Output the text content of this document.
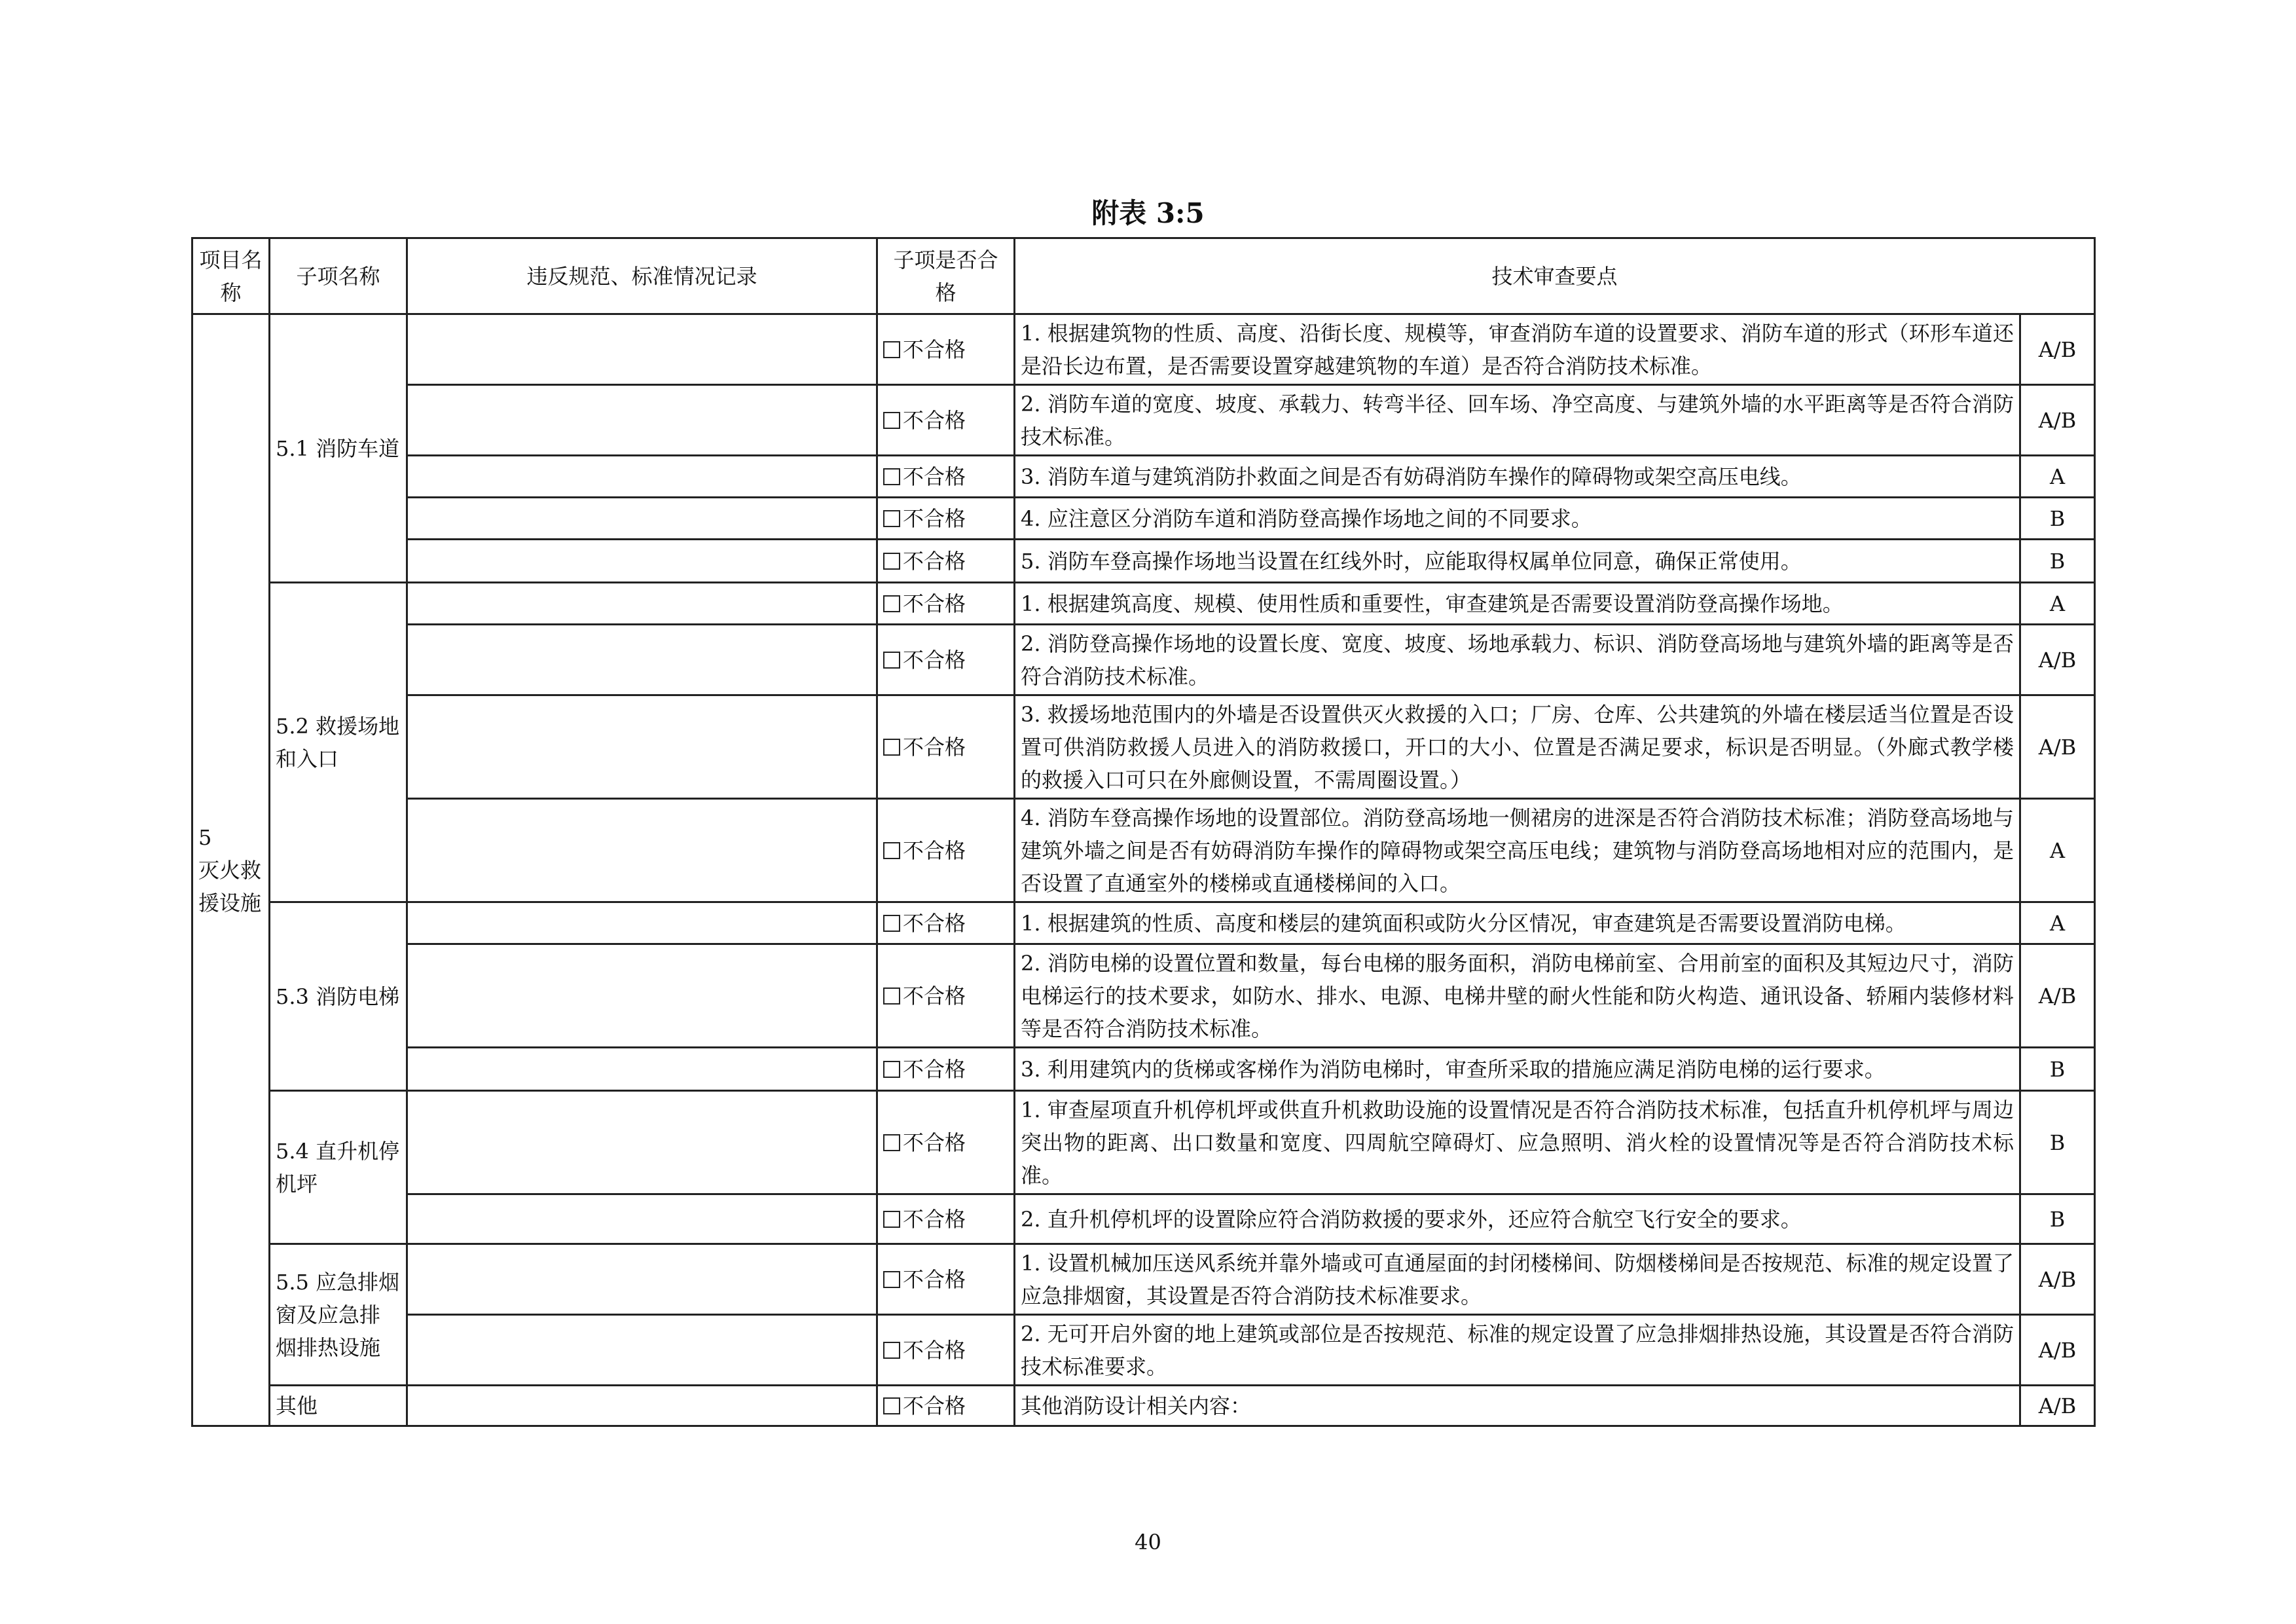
附表 3:5
项目名称	子项名称	违反规范、标准情况记录	子项是否合格	技术审查要点	

5
灭火救援设施	5.1 消防车道		不合格	1. 根据建筑物的性质、高度、沿街长度、规模等，审查消防车道的设置要求、消防车道的形式（环形车道还是沿长边布置，是否需要设置穿越建筑物的车道）是否符合消防技术标准。	A/B
			不合格	2. 消防车道的宽度、坡度、承载力、转弯半径、回车场、净空高度、与建筑外墙的水平距离等是否符合消防技术标准。	A/B
			不合格	3. 消防车道与建筑消防扑救面之间是否有妨碍消防车操作的障碍物或架空高压电线。	A
			不合格	4. 应注意区分消防车道和消防登高操作场地之间的不同要求。	B
			不合格	5. 消防车登高操作场地当设置在红线外时，应能取得权属单位同意，确保正常使用。	B
	5.2 救援场地和入口		不合格	1. 根据建筑高度、规模、使用性质和重要性，审查建筑是否需要设置消防登高操作场地。	A
			不合格	2. 消防登高操作场地的设置长度、宽度、坡度、场地承载力、标识、消防登高场地与建筑外墙的距离等是否符合消防技术标准。	A/B
			不合格	3. 救援场地范围内的外墙是否设置供灭火救援的入口；厂房、仓库、公共建筑的外墙在楼层适当位置是否设置可供消防救援人员进入的消防救援口，开口的大小、位置是否满足要求，标识是否明显。（外廊式教学楼的救援入口可只在外廊侧设置，不需周圈设置。）	A/B
			不合格	4. 消防车登高操作场地的设置部位。消防登高场地一侧裙房的进深是否符合消防技术标准；消防登高场地与建筑外墙之间是否有妨碍消防车操作的障碍物或架空高压电线；建筑物与消防登高场地相对应的范围内，是否设置了直通室外的楼梯或直通楼梯间的入口。	A
	5.3 消防电梯		不合格	1. 根据建筑的性质、高度和楼层的建筑面积或防火分区情况，审查建筑是否需要设置消防电梯。	A
			不合格	2. 消防电梯的设置位置和数量，每台电梯的服务面积，消防电梯前室、合用前室的面积及其短边尺寸，消防电梯运行的技术要求，如防水、排水、电源、电梯井壁的耐火性能和防火构造、通讯设备、轿厢内装修材料等是否符合消防技术标准。	A/B
			不合格	3. 利用建筑内的货梯或客梯作为消防电梯时，审查所采取的措施应满足消防电梯的运行要求。	B
	5.4 直升机停机坪		不合格	1. 审查屋项直升机停机坪或供直升机救助设施的设置情况是否符合消防技术标准，包括直升机停机坪与周边突出物的距离、出口数量和宽度、四周航空障碍灯、应急照明、消火栓的设置情况等是否符合消防技术标准。	B
			不合格	2. 直升机停机坪的设置除应符合消防救援的要求外，还应符合航空飞行安全的要求。	B
	5.5 应急排烟窗及应急排烟排热设施		不合格	1. 设置机械加压送风系统并靠外墙或可直通屋面的封闭楼梯间、防烟楼梯间是否按规范、标准的规定设置了应急排烟窗，其设置是否符合消防技术标准要求。	A/B
			不合格	2. 无可开启外窗的地上建筑或部位是否按规范、标准的规定设置了应急排烟排热设施，其设置是否符合消防技术标准要求。	A/B
	其他		不合格	其他消防设计相关内容：	A/B
40
